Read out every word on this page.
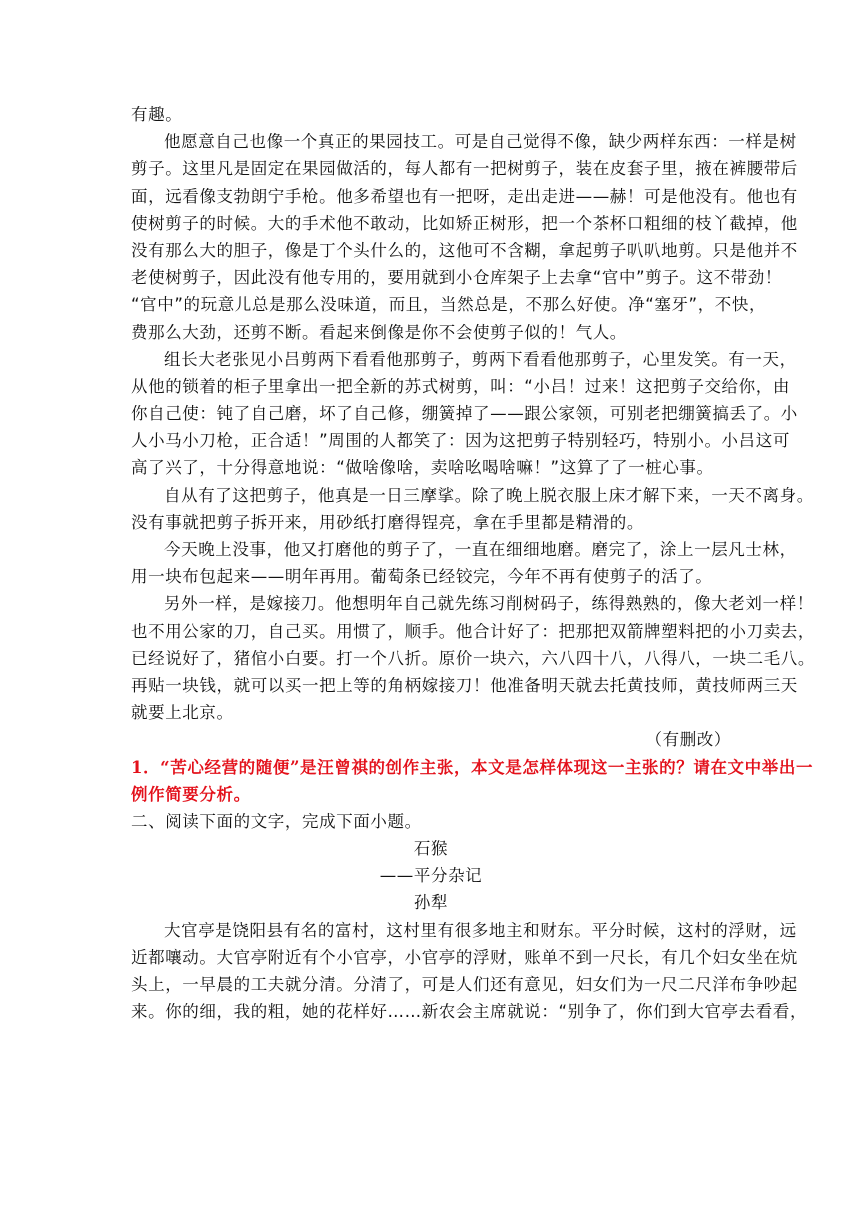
有趣。
他愿意自己也像一个真正的果园技工。可是自己觉得不像，缺少两样东西：一样是树
剪子。这里凡是固定在果园做活的，每人都有一把树剪子，装在皮套子里，掖在裤腰带后
面，远看像支勃朗宁手枪。他多希望也有一把呀，走出走进——赫！可是他没有。他也有
使树剪子的时候。大的手术他不敢动，比如矫正树形，把一个茶杯口粗细的枝丫截掉，他
没有那么大的胆子，像是丁个头什么的，这他可不含糊，拿起剪子叭叭地剪。只是他并不
老使树剪子，因此没有他专用的，要用就到小仓库架子上去拿“官中”剪子。这不带劲！
“官中”的玩意儿总是那么没味道，而且，当然总是，不那么好使。净“塞牙”，不快，
费那么大劲，还剪不断。看起来倒像是你不会使剪子似的！气人。
组长大老张见小吕剪两下看看他那剪子，剪两下看看他那剪子，心里发笑。有一天，
从他的锁着的柜子里拿出一把全新的苏式树剪，叫：“小吕！过来！这把剪子交给你，由
你自己使：钝了自己磨，坏了自己修，绷簧掉了——跟公家领，可别老把绷簧搞丢了。小
人小马小刀枪，正合适！”周围的人都笑了：因为这把剪子特别轻巧，特别小。小吕这可
高了兴了，十分得意地说：“做啥像啥，卖啥吆喝啥嘛！”这算了了一桩心事。
自从有了这把剪子，他真是一日三摩挲。除了晚上脱衣服上床才解下来，一天不离身。
没有事就把剪子拆开来，用砂纸打磨得锃亮，拿在手里都是精滑的。
今天晚上没事，他又打磨他的剪子了，一直在细细地磨。磨完了，涂上一层凡士林，
用一块布包起来——明年再用。葡萄条已经铰完，今年不再有使剪子的活了。
另外一样，是嫁接刀。他想明年自己就先练习削树码子，练得熟熟的，像大老刘一样！
也不用公家的刀，自己买。用惯了，顺手。他合计好了：把那把双箭牌塑料把的小刀卖去，
已经说好了，猪倌小白要。打一个八折。原价一块六，六八四十八，八得八，一块二毛八。
再贴一块钱，就可以买一把上等的角柄嫁接刀！他准备明天就去托黄技师，黄技师两三天
就要上北京。
（有删改）
1．“苦心经营的随便”是汪曾祺的创作主张，本文是怎样体现这一主张的？请在文中举出一
例作简要分析。
二、阅读下面的文字，完成下面小题。
石猴
——平分杂记
孙犁
大官亭是饶阳县有名的富村，这村里有很多地主和财东。平分时候，这村的浮财，远
近都嚷动。大官亭附近有个小官亭，小官亭的浮财，账单不到一尺长，有几个妇女坐在炕
头上，一早晨的工夫就分清。分清了，可是人们还有意见，妇女们为一尺二尺洋布争吵起
来。你的细，我的粗，她的花样好……新农会主席就说：“别争了，你们到大官亭去看看，
